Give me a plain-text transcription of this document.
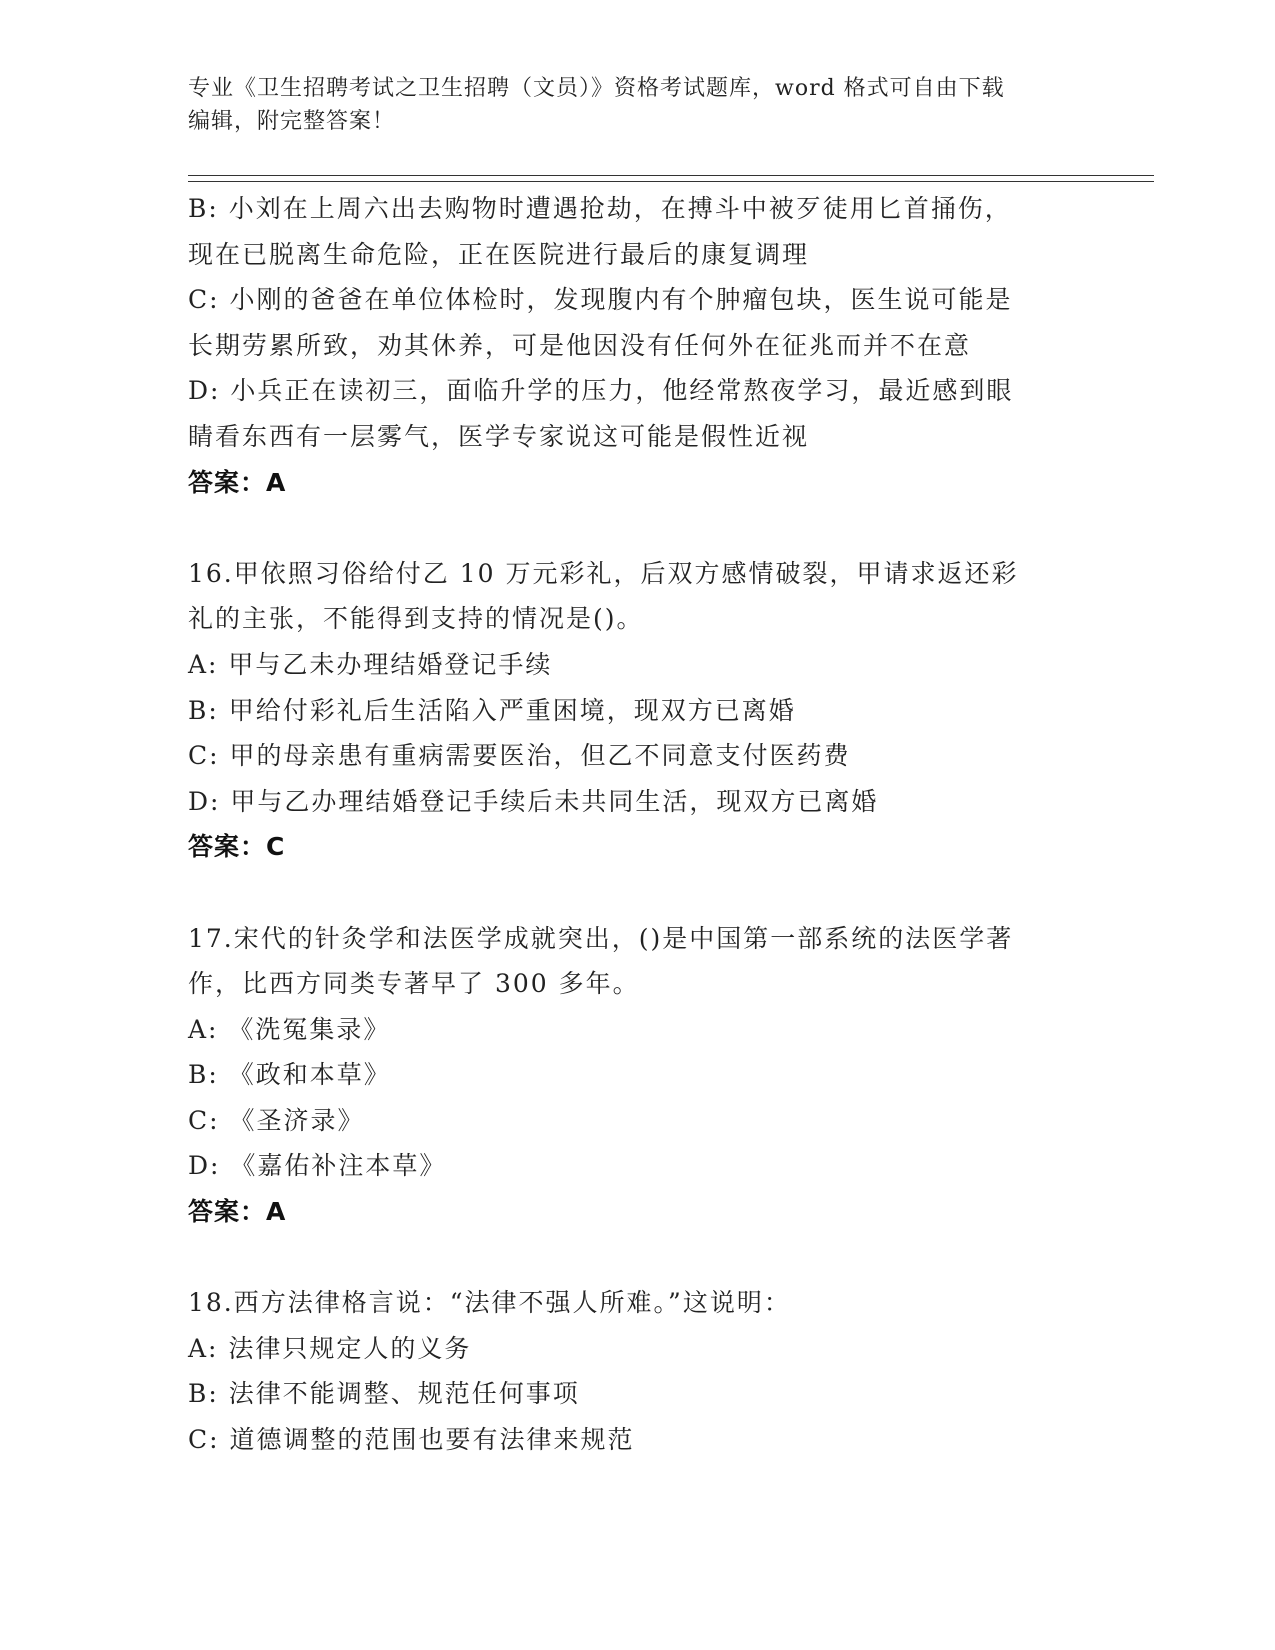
专业《卫生招聘考试之卫生招聘（文员）》资格考试题库，word 格式可自由下载
编辑，附完整答案！
B: 小刘在上周六出去购物时遭遇抢劫，在搏斗中被歹徒用匕首捅伤，
现在已脱离生命危险，正在医院进行最后的康复调理
C: 小刚的爸爸在单位体检时，发现腹内有个肿瘤包块，医生说可能是
长期劳累所致，劝其休养，可是他因没有任何外在征兆而并不在意
D: 小兵正在读初三，面临升学的压力，他经常熬夜学习，最近感到眼
睛看东西有一层雾气，医学专家说这可能是假性近视
答案：A
16.甲依照习俗给付乙 10 万元彩礼，后双方感情破裂，甲请求返还彩
礼的主张，不能得到支持的情况是()。
A: 甲与乙未办理结婚登记手续
B: 甲给付彩礼后生活陷入严重困境，现双方已离婚
C: 甲的母亲患有重病需要医治，但乙不同意支付医药费
D: 甲与乙办理结婚登记手续后未共同生活，现双方已离婚
答案：C
17.宋代的针灸学和法医学成就突出，()是中国第一部系统的法医学著
作，比西方同类专著早了 300 多年。
A: 《洗冤集录》
B: 《政和本草》
C: 《圣济录》
D: 《嘉佑补注本草》
答案：A
18.西方法律格言说：“法律不强人所难。”这说明：
A: 法律只规定人的义务
B: 法律不能调整、规范任何事项
C: 道德调整的范围也要有法律来规范
